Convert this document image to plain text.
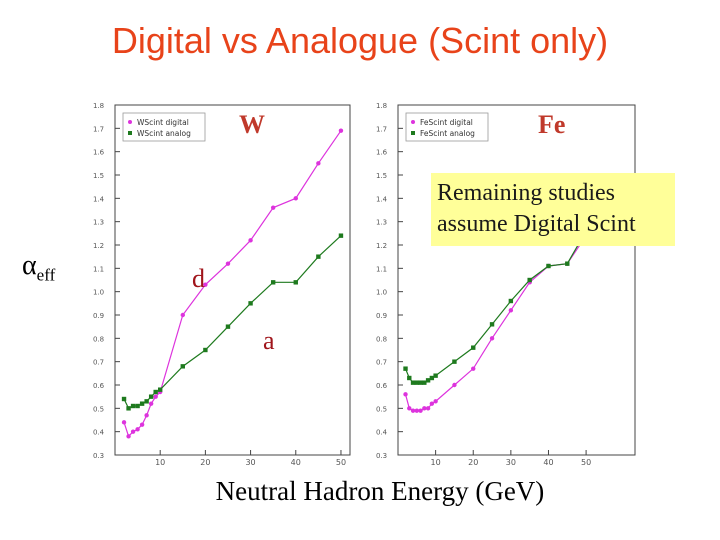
Digital vs Analogue (Scint only)
$\alpha_{eff}$
1.8
1.7
1.6
1.5
1.4
1.3
1.2
1.1
1.0
0.9
0.8
0.7
0.6
0.5
0.4
0.3
10	20	30	40	50
WScint digital
WScint analog
1.8
1.7
1.6
1.5
1.4
1.3
1.2
1.1
1.0
0.9
0.8
0.7
0.6
0.5
0.4
0.3
10	20	30	40	50
FeScint digital
FeScint analog
W	Fe
d
a
Remaining studies
assume Digital Scint
Neutral Hadron Energy (GeV)
